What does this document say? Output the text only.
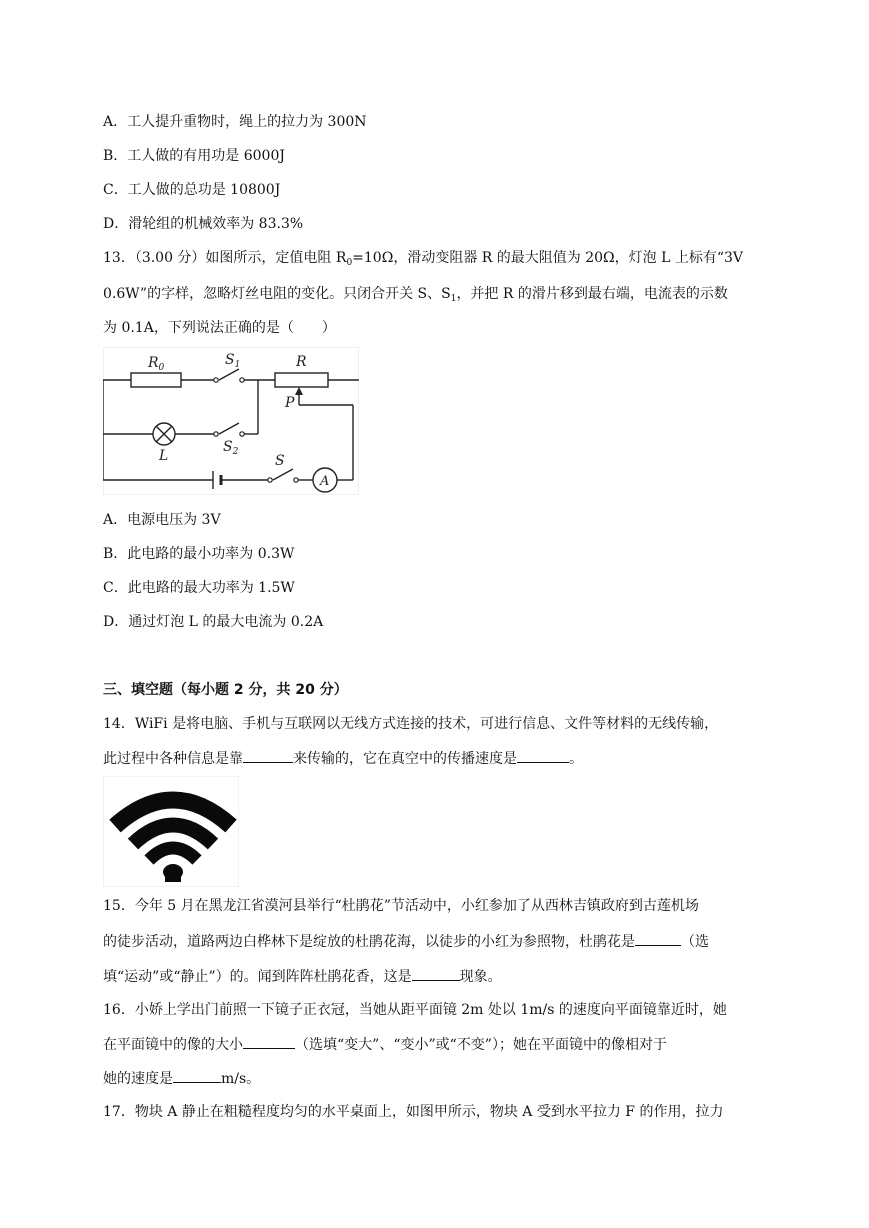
A．工人提升重物时，绳上的拉力为 300N
B．工人做的有用功是 6000J
C．工人做的总功是 10800J
D．滑轮组的机械效率为 83.3%
13．（3.00 分）如图所示，定值电阻 $R_0=10\Omega$，滑动变阻器 R 的最大阻值为 20Ω，灯泡 L 上标有“3V
0.6W”的字样，忽略灯丝电阻的变化。只闭合开关 S、$S_1$，并把 R 的滑片移到最右端，电流表的示数
为 0.1A，下列说法正确的是（　　）
$R_0$	$S_1$	R
P
L
$S_2$
S
A
A．电源电压为 3V
B．此电路的最小功率为 0.3W
C．此电路的最大功率为 1.5W
D．通过灯泡 L 的最大电流为 0.2A
三、填空题（每小题 2 分，共 20 分）
14．WiFi 是将电脑、手机与互联网以无线方式连接的技术，可进行信息、文件等材料的无线传输，
此过程中各种信息是靠	来传输的，它在真空中的传播速度是	。
15．今年 5 月在黑龙江省漠河县举行“杜鹃花”节活动中，小红参加了从西林吉镇政府到古莲机场
的徒步活动，道路两边白桦林下是绽放的杜鹃花海，以徒步的小红为参照物，杜鹃花是	（选
填“运动”或“静止”）的。闻到阵阵杜鹃花香，这是	现象。
16．小娇上学出门前照一下镜子正衣冠，当她从距平面镜 2m 处以 1m/s 的速度向平面镜靠近时，她
在平面镜中的像的大小	（选填“变大”、“变小”或“不变”）；她在平面镜中的像相对于
她的速度是	m/s。
17．物块 A 静止在粗糙程度均匀的水平桌面上，如图甲所示，物块 A 受到水平拉力 F 的作用，拉力
